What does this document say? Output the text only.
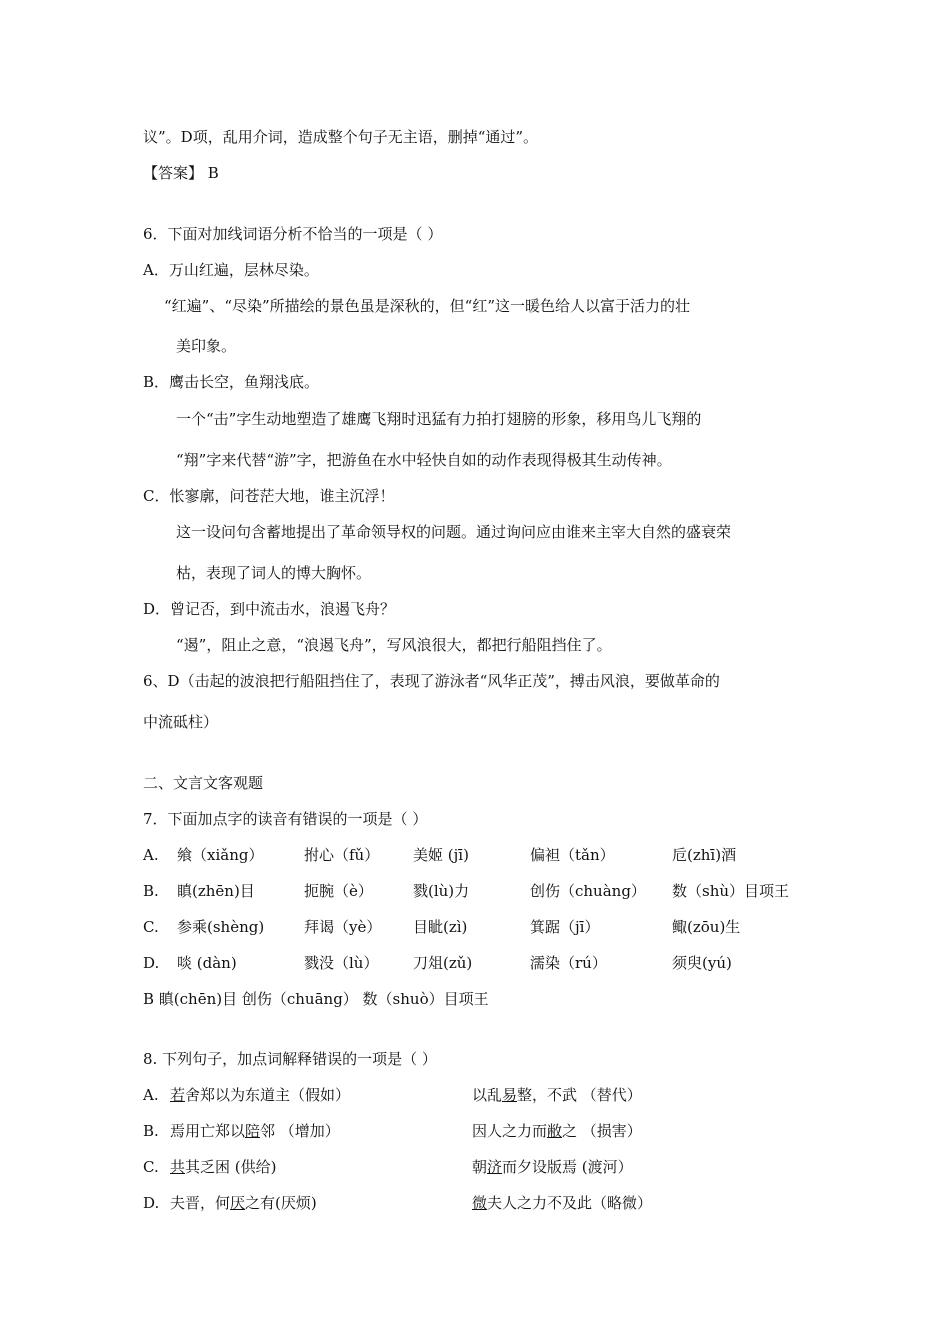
议”。D项，乱用介词，造成整个句子无主语，删掉“通过”。
【答案】 B
6．下面对加线词语分析不恰当的一项是（ ）
A．万山红遍，层林尽染。
“红遍”、“尽染”所描绘的景色虽是深秋的，但“红”这一暖色给人以富于活力的壮
美印象。
B．鹰击长空，鱼翔浅底。
一个“击”字生动地塑造了雄鹰飞翔时迅猛有力拍打翅膀的形象，移用鸟儿飞翔的
“翔”字来代替“游”字，把游鱼在水中轻快自如的动作表现得极其生动传神。
C．怅寥廓，问苍茫大地，谁主沉浮！
这一设问句含蓄地提出了革命领导权的问题。通过询问应由谁来主宰大自然的盛衰荣
枯，表现了词人的博大胸怀。
D．曾记否，到中流击水，浪遏飞舟？
“遏”，阻止之意，“浪遏飞舟”，写风浪很大，都把行船阻挡住了。
6、D（击起的波浪把行船阻挡住了，表现了游泳者“风华正茂”，搏击风浪，要做革命的
中流砥柱）
二、文言文客观题
7．下面加点字的读音有错误的一项是（ ）
A. 飨（xiǎng）	拊心（fǔ） 美姬 (jī)	偏袒（tǎn）	卮(zhī)酒
B. 瞋(zhēn)目	扼腕（è）	戮(lù)力	创伤（chuàng） 数（shù）目项王
C. 参乘(shèng)	拜谒（yè） 目眦(zì)	箕踞（jī）	鲰(zōu)生
D. 啖 (dàn)	戮没（lù） 刀俎(zǔ)	濡染（rú）	须臾(yú)
B 瞋(chēn)目 创伤（chuāng） 数（shuò）目项王
8. 下列句子，加点词解释错误的一项是（ ）
A. 若舍郑以为东道主（假如）	以乱易整，不武 （替代）
B. 焉用亡郑以陪邻 （增加）	因人之力而敝之 （损害）
C. 共其乏困 (供给)	朝济而夕设版焉 (渡河）
D. 夫晋，何厌之有(厌烦)	微夫人之力不及此（略微）
